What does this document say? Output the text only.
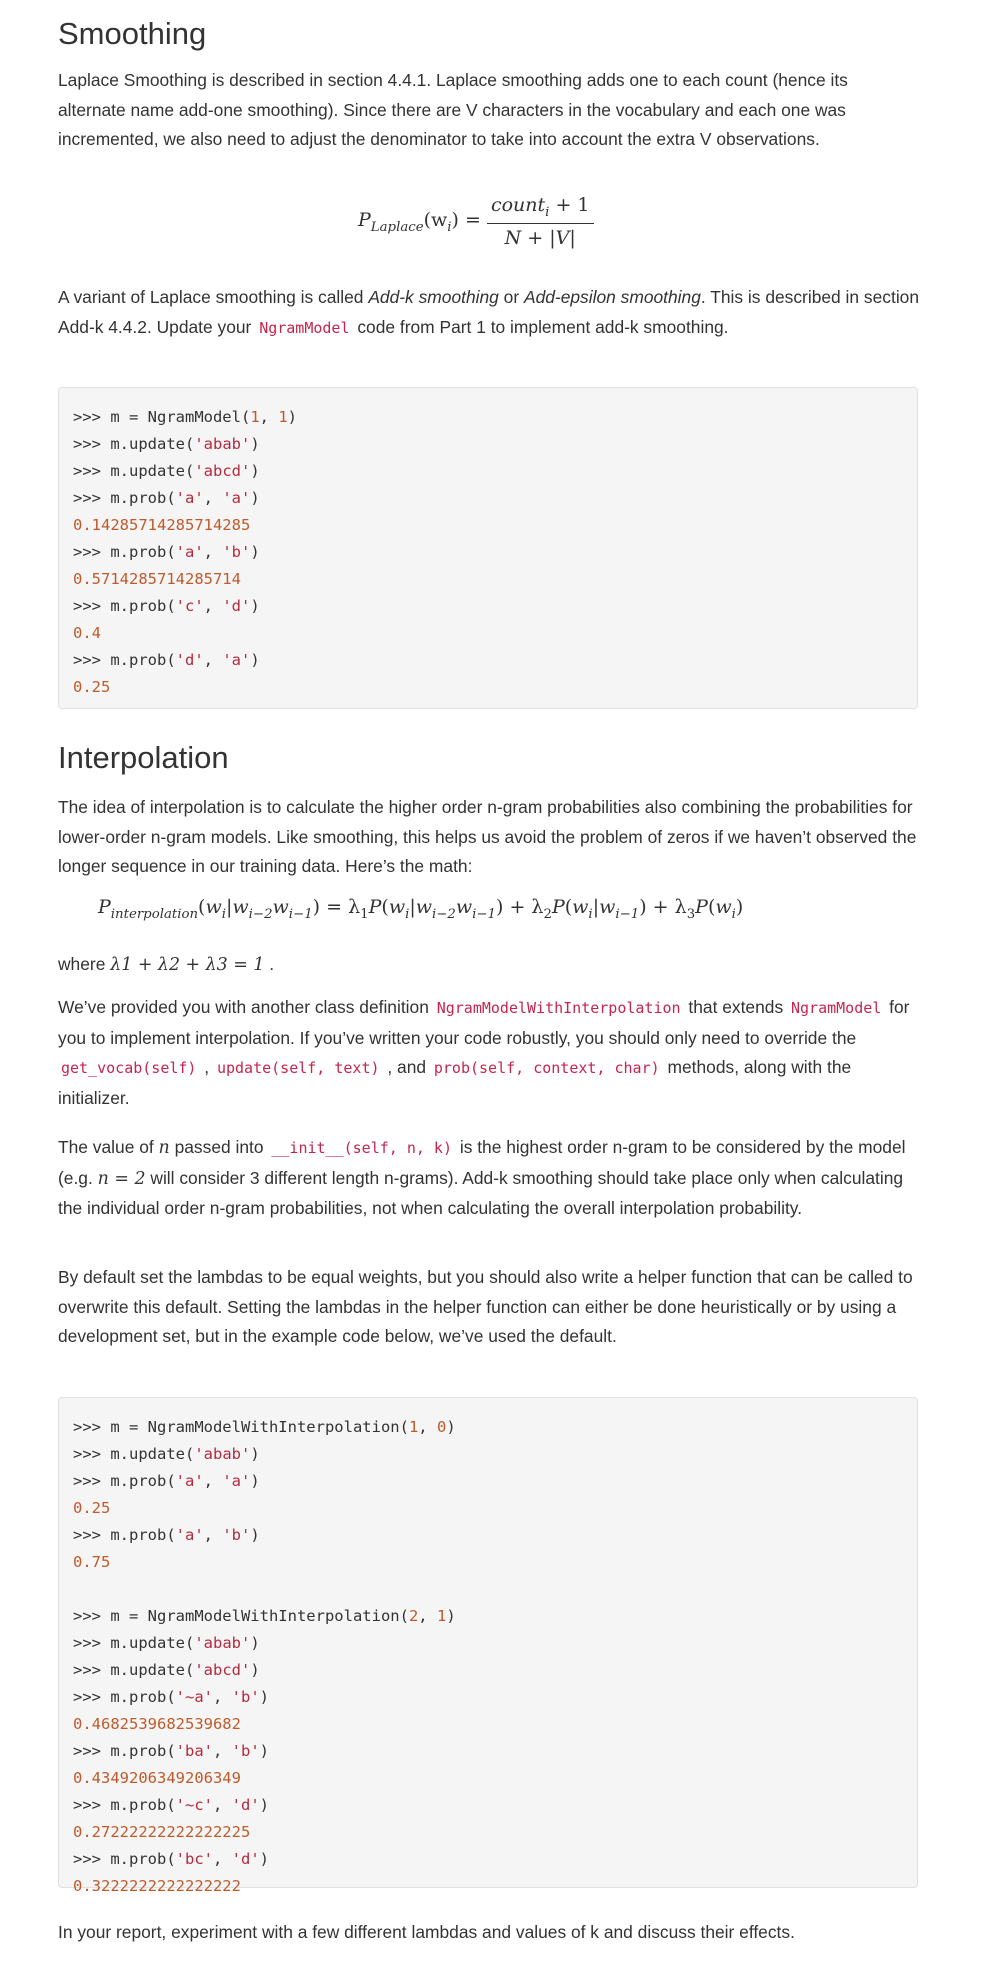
Smoothing

Laplace Smoothing is described in section 4.4.1. Laplace smoothing adds one to each count (hence its alternate name add-one smoothing). Since there are V characters in the vocabulary and each one was incremented, we also need to adjust the denominator to take into account the extra V observations.

$P_{Laplace}(w_i) = \frac{count_i + 1}{N + |V|}$

A variant of Laplace smoothing is called Add-k smoothing or Add-epsilon smoothing. This is described in section Add-k 4.4.2. Update your NgramModel code from Part 1 to implement add-k smoothing.

>>> m = NgramModel(1, 1)
>>> m.update('abab')
>>> m.update('abcd')
>>> m.prob('a', 'a')
0.14285714285714285
>>> m.prob('a', 'b')
0.5714285714285714
>>> m.prob('c', 'd')
0.4
>>> m.prob('d', 'a')
0.25
Interpolation

The idea of interpolation is to calculate the higher order n-gram probabilities also combining the probabilities for lower-order n-gram models. Like smoothing, this helps us avoid the problem of zeros if we haven’t observed the longer sequence in our training data. Here’s the math:

$P_{interpolation}(w_i|w_{i-2}w_{i-1}) = \lambda_1P(w_i|w_{i-2}w_{i-1}) + \lambda_2P(w_i|w_{i-1}) + \lambda_3P(w_i)$

where λ1 + λ2 + λ3 = 1 .

We’ve provided you with another class definition NgramModelWithInterpolation that extends NgramModel for you to implement interpolation. If you’ve written your code robustly, you should only need to override the get_vocab(self) , update(self, text) , and prob(self, context, char) methods, along with the initializer.

The value of n passed into __init__(self, n, k) is the highest order n-gram to be considered by the model (e.g. n = 2 will consider 3 different length n-grams). Add-k smoothing should take place only when calculating the individual order n-gram probabilities, not when calculating the overall interpolation probability.

By default set the lambdas to be equal weights, but you should also write a helper function that can be called to overwrite this default. Setting the lambdas in the helper function can either be done heuristically or by using a development set, but in the example code below, we’ve used the default.

>>> m = NgramModelWithInterpolation(1, 0)
>>> m.update('abab')
>>> m.prob('a', 'a')
0.25
>>> m.prob('a', 'b')
0.75
>>> m = NgramModelWithInterpolation(2, 1)
>>> m.update('abab')
>>> m.update('abcd')
>>> m.prob('~a', 'b')
0.4682539682539682
>>> m.prob('ba', 'b')
0.4349206349206349
>>> m.prob('~c', 'd')
0.27222222222222225
>>> m.prob('bc', 'd')
0.3222222222222222

In your report, experiment with a few different lambdas and values of k and discuss their effects.
